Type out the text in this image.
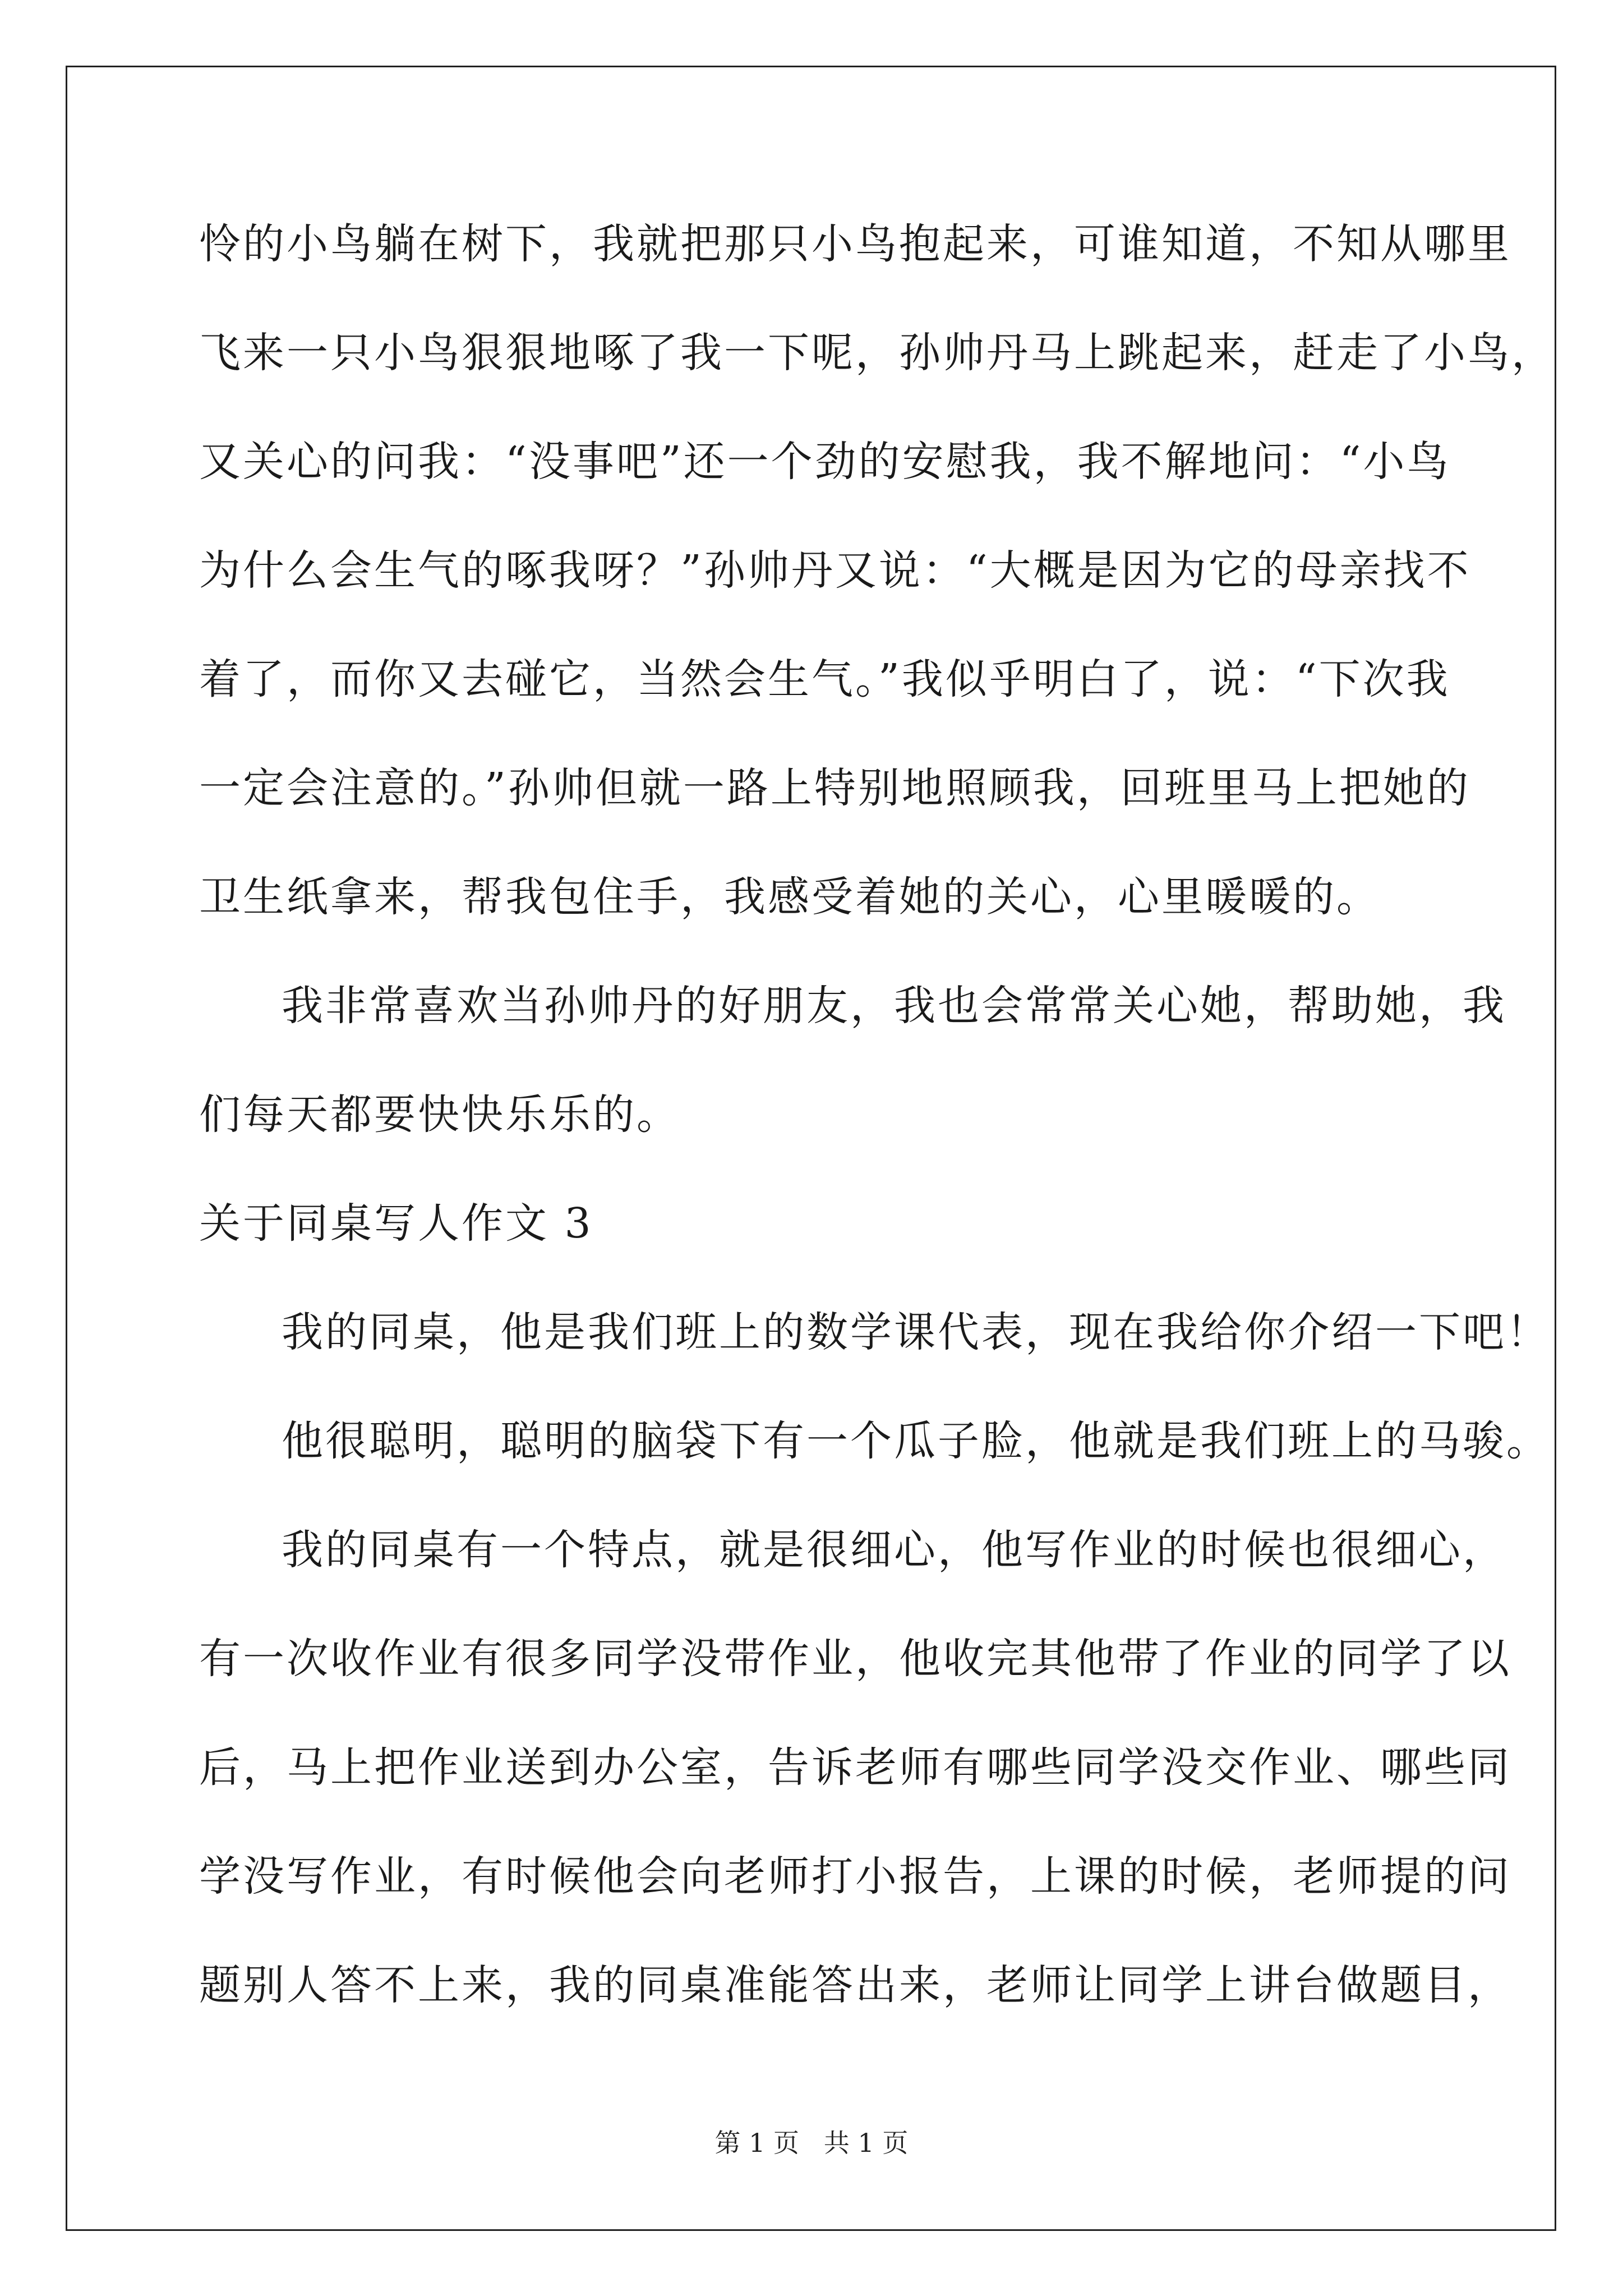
怜的小鸟躺在树下，我就把那只小鸟抱起来，可谁知道，不知从哪里
飞来一只小鸟狠狠地啄了我一下呢，孙帅丹马上跳起来，赶走了小鸟，
又关心的问我：“没事吧”还一个劲的安慰我，我不解地问：“小鸟
为什么会生气的啄我呀？”孙帅丹又说：“大概是因为它的母亲找不
着了，而你又去碰它，当然会生气。”我似乎明白了，说：“下次我
一定会注意的。”孙帅但就一路上特别地照顾我，回班里马上把她的
卫生纸拿来，帮我包住手，我感受着她的关心，心里暖暖的。
我非常喜欢当孙帅丹的好朋友，我也会常常关心她，帮助她，我
们每天都要快快乐乐的。
关于同桌写人作文 3
我的同桌，他是我们班上的数学课代表，现在我给你介绍一下吧！
他很聪明，聪明的脑袋下有一个瓜子脸，他就是我们班上的马骏。
我的同桌有一个特点，就是很细心，他写作业的时候也很细心，
有一次收作业有很多同学没带作业，他收完其他带了作业的同学了以
后，马上把作业送到办公室，告诉老师有哪些同学没交作业、哪些同
学没写作业，有时候他会向老师打小报告，上课的时候，老师提的问
题别人答不上来，我的同桌准能答出来，老师让同学上讲台做题目，
第 1 页   共 1 页
